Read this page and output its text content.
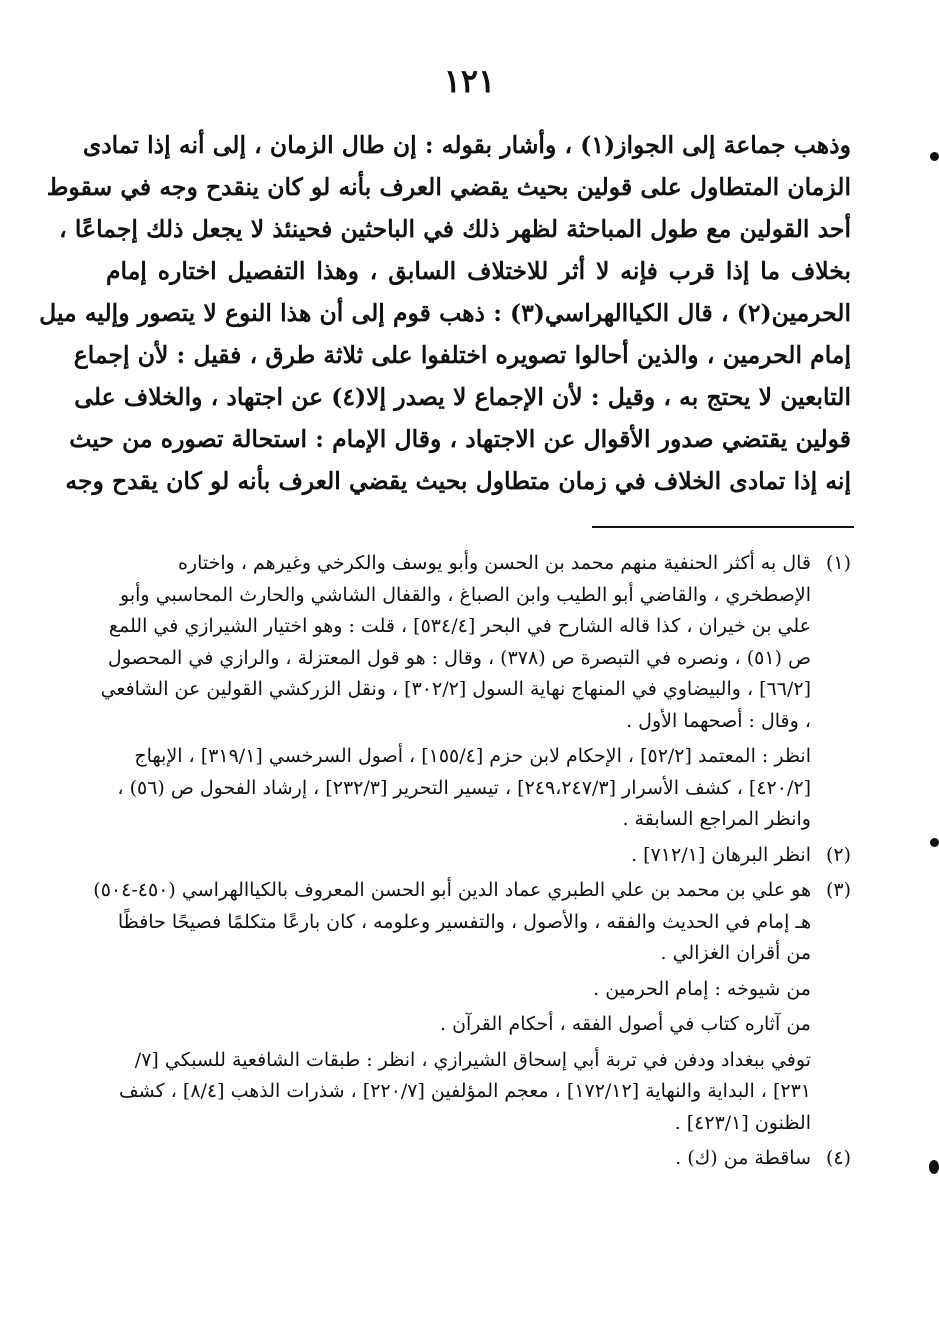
١٢١
وذهب جماعة إلى الجواز(١) ، وأشار بقوله : إن طال الزمان ، إلى أنه إذا تمادى
الزمان المتطاول على قولين بحيث يقضي العرف بأنه لو كان ينقدح وجه في سقوط
أحد القولين مع طول المباحثة لظهر ذلك في الباحثين فحينئذ لا يجعل ذلك إجماعًا ،
بخلاف ما إذا قرب فإنه لا أثر للاختلاف السابق ، وهذا التفصيل اختاره إمام
الحرمين(٢) ، قال الكياالهراسي(٣) : ذهب قوم إلى أن هذا النوع لا يتصور وإليه ميل
إمام الحرمين ، والذين أحالوا تصويره اختلفوا على ثلاثة طرق ، فقيل : لأن إجماع
التابعين لا يحتج به ، وقيل : لأن الإجماع لا يصدر إلا(٤) عن اجتهاد ، والخلاف على
قولين يقتضي صدور الأقوال عن الاجتهاد ، وقال الإمام : استحالة تصوره من حيث
إنه إذا تمادى الخلاف في زمان متطاول بحيث يقضي العرف بأنه لو كان يقدح وجه
(١)

قال به أكثر الحنفية منهم محمد بن الحسن وأبو يوسف والكرخي وغيرهم ، واختاره الإصطخري ، والقاضي أبو الطيب وابن الصباغ ، والقفال الشاشي والحارث المحاسبي وأبو علي بن خيران ، كذا قاله الشارح في البحر [٥٣٤/٤] ، قلت : وهو اختيار الشيرازي في اللمع ص (٥١) ، ونصره في التبصرة ص (٣٧٨) ، وقال : هو قول المعتزلة ، والرازي في المحصول [٦٦/٢] ، والبيضاوي في المنهاج نهاية السول [٣٠٢/٢] ، ونقل الزركشي القولين عن الشافعي ، وقال : أصحهما الأول .

انظر : المعتمد [٥٢/٢] ، الإحكام لابن حزم [١٥٥/٤] ، أصول السرخسي [٣١٩/١] ، الإبهاج [٤٢٠/٢] ، كشف الأسرار [٢٤٩،٢٤٧/٣] ، تيسير التحرير [٢٣٢/٣] ، إرشاد الفحول ص (٥٦) ، وانظر المراجع السابقة .

(٢)

انظر البرهان [٧١٢/١] .

(٣)

هو علي بن محمد بن علي الطبري عماد الدين أبو الحسن المعروف بالكياالهراسي (٤٥٠-٥٠٤) هـ إمام في الحديث والفقه ، والأصول ، والتفسير وعلومه ، كان بارعًا متكلمًا فصيحًا حافظًا من أقران الغزالي .

من شيوخه : إمام الحرمين .

من آثاره كتاب في أصول الفقه ، أحكام القرآن .

توفي ببغداد ودفن في تربة أبي إسحاق الشيرازي ، انظر : طبقات الشافعية للسبكي [٧/ ٢٣١] ، البداية والنهاية [١٧٢/١٢] ، معجم المؤلفين [٢٢٠/٧] ، شذرات الذهب [٨/٤] ، كشف الظنون [٤٢٣/١] .

(٤)

ساقطة من (ك) .
